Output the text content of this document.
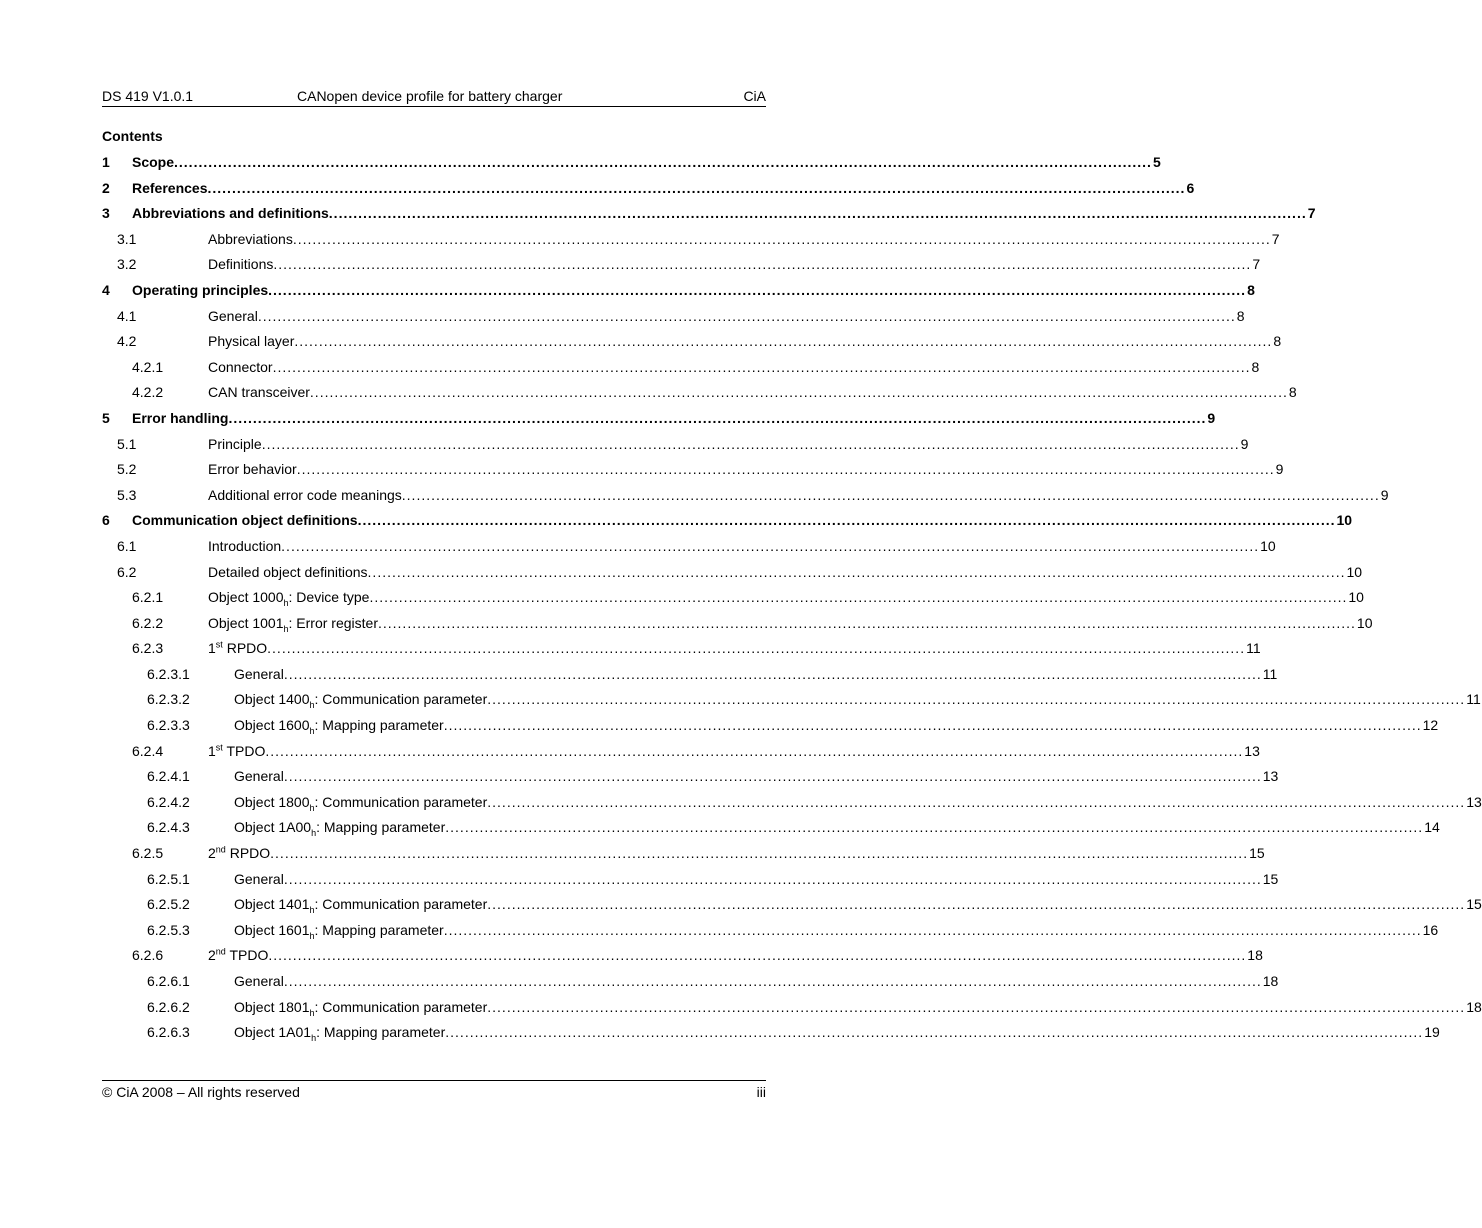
DS 419 V1.0.1	CANopen device profile for battery charger	CiA
Contents
1 Scope ........................................................................................................................................................................................................ 5
2 References ........................................................................................................................................................................................................ 6
3 Abbreviations and definitions ........................................................................................................................................................................................................ 7
3.1	Abbreviations ........................................................................................................................................................................................................ 7
3.2	Definitions ........................................................................................................................................................................................................ 7
4 Operating principles ........................................................................................................................................................................................................ 8
4.1	General ........................................................................................................................................................................................................ 8
4.2	Physical layer ........................................................................................................................................................................................................ 8
4.2.1	Connector ........................................................................................................................................................................................................ 8
4.2.2	CAN transceiver ........................................................................................................................................................................................................ 8
5 Error handling ........................................................................................................................................................................................................ 9
5.1	Principle ........................................................................................................................................................................................................ 9
5.2	Error behavior ........................................................................................................................................................................................................ 9
5.3	Additional error code meanings ........................................................................................................................................................................................................ 9
6 Communication object definitions ........................................................................................................................................................................................................ 10
6.1	Introduction ........................................................................................................................................................................................................ 10
6.2	Detailed object definitions ........................................................................................................................................................................................................ 10
6.2.1	Object $1000_h$: Device type ........................................................................................................................................................................................................ 10
6.2.2	Object $1001_h$: Error register ........................................................................................................................................................................................................ 10
6.2.3	1st RPDO ........................................................................................................................................................................................................ 11
6.2.3.1	General ........................................................................................................................................................................................................ 11
6.2.3.2	Object $1400_h$: Communication parameter ........................................................................................................................................................................................................ 11
6.2.3.3	Object $1600_h$: Mapping parameter ........................................................................................................................................................................................................ 12
6.2.4	1st TPDO ........................................................................................................................................................................................................ 13
6.2.4.1	General ........................................................................................................................................................................................................ 13
6.2.4.2	Object $1800_h$: Communication parameter ........................................................................................................................................................................................................ 13
6.2.4.3	Object $1A00_h$: Mapping parameter ........................................................................................................................................................................................................ 14
6.2.5	2nd RPDO ........................................................................................................................................................................................................ 15
6.2.5.1	General ........................................................................................................................................................................................................ 15
6.2.5.2	Object $1401_h$: Communication parameter ........................................................................................................................................................................................................ 15
6.2.5.3	Object $1601_h$: Mapping parameter ........................................................................................................................................................................................................ 16
6.2.6	2nd TPDO ........................................................................................................................................................................................................ 18
6.2.6.1	General ........................................................................................................................................................................................................ 18
6.2.6.2	Object $1801_h$: Communication parameter ........................................................................................................................................................................................................ 18
6.2.6.3	Object $1A01_h$: Mapping parameter ........................................................................................................................................................................................................ 19
© CiA 2008 – All rights reserved	iii
